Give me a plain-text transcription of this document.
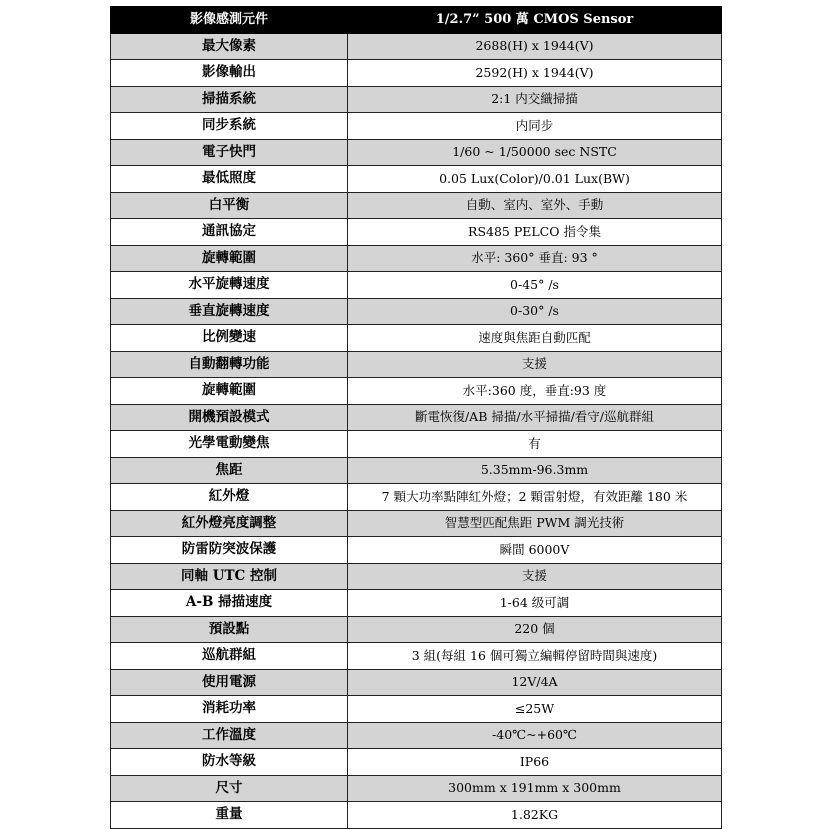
影像感測元件	1/2.7” 500 萬 CMOS Sensor
最大像素	2688(H) x 1944(V)
影像輸出	2592(H) x 1944(V)
掃描系統	2:1 内交織掃描
同步系統	内同步
電子快門	1/60 ~ 1/50000 sec NSTC
最低照度	0.05 Lux(Color)/0.01 Lux(BW)
白平衡	自動、室内、室外、手動
通訊協定	RS485 PELCO 指令集
旋轉範圍	水平: 360° 垂直: 93 °
水平旋轉速度	0-45° /s
垂直旋轉速度	0-30° /s
比例變速	速度與焦距自動匹配
自動翻轉功能	支援
旋轉範圍	水平:360 度，垂直:93 度
開機預設模式	斷電恢復/AB 掃描/水平掃描/看守/巡航群組
光學電動變焦	有
焦距	5.35mm-96.3mm
紅外燈	7 顆大功率點陣紅外燈；2 顆雷射燈，有效距離 180 米
紅外燈亮度調整	智慧型匹配焦距 PWM 調光技術
防雷防突波保護	瞬間 6000V
同軸 UTC 控制	支援
A-B 掃描速度	1-64 级可調
預設點	220 個
巡航群組	3 組(每組 16 個可獨立編輯停留時間與速度)
使用電源	12V/4A
消耗功率	≤25W
工作溫度	-40℃~+60℃
防水等級	IP66
尺寸	300mm x 191mm x 300mm
重量	1.82KG
